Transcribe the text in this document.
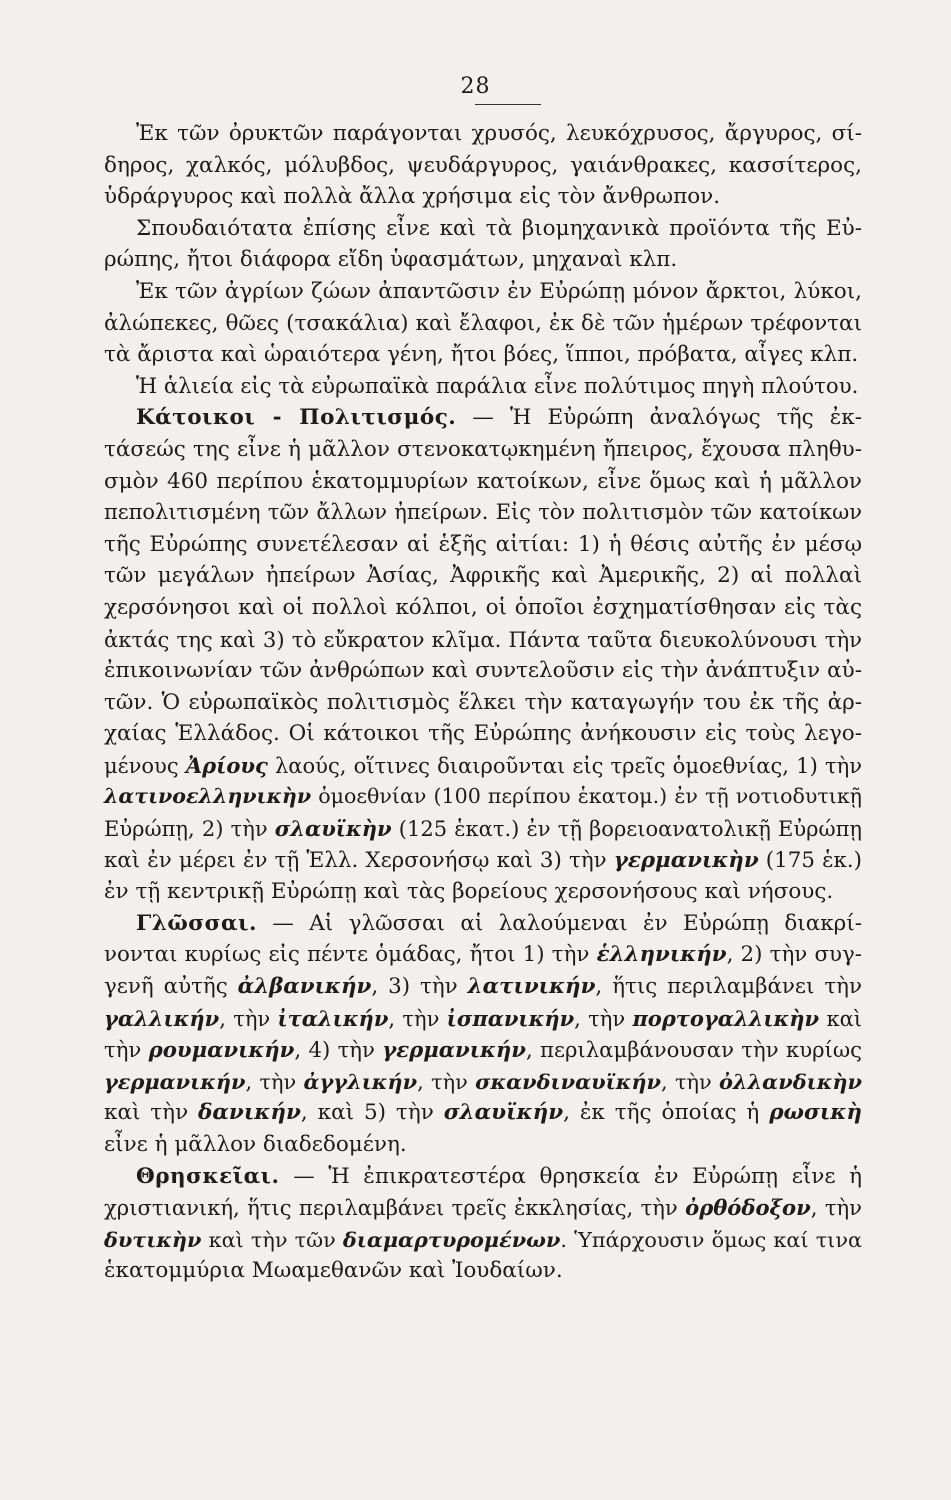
28
Ἐκ τῶν ὀρυκτῶν παράγονται χρυσός, λευκόχρυσος, ἄργυρος, σί-
δηρος, χαλκός, μόλυβδος, ψευδάργυρος, γαιάνθρακες, κασσίτερος,
ὑδράργυρος καὶ πολλὰ ἄλλα χρήσιμα εἰς τὸν ἄνθρωπον.
Σπουδαιότατα ἐπίσης εἶνε καὶ τὰ βιομηχανικὰ προϊόντα τῆς Εὐ-
ρώπης, ἤτοι διάφορα εἴδη ὑφασμάτων, μηχαναὶ κλπ.
Ἐκ τῶν ἀγρίων ζώων ἀπαντῶσιν ἐν Εὐρώπῃ μόνον ἄρκτοι, λύκοι,
ἀλώπεκες, θῶες (τσακάλια) καὶ ἔλαφοι, ἐκ δὲ τῶν ἡμέρων τρέφονται
τὰ ἄριστα καὶ ὡραιότερα γένη, ἤτοι βόες, ἵπποι, πρόβατα, αἶγες κλπ.
Ἡ ἁλιεία εἰς τὰ εὐρωπαϊκὰ παράλια εἶνε πολύτιμος πηγὴ πλούτου.
Κάτοικοι - Πολιτισμός. — Ἡ Εὐρώπη ἀναλόγως τῆς ἐκ-
τάσεώς της εἶνε ἡ μᾶλλον στενοκατῳκημένη ἤπειρος, ἔχουσα πληθυ-
σμὸν 460 περίπου ἑκατομμυρίων κατοίκων, εἶνε ὅμως καὶ ἡ μᾶλλον
πεπολιτισμένη τῶν ἄλλων ἠπείρων. Εἰς τὸν πολιτισμὸν τῶν κατοίκων
τῆς Εὐρώπης συνετέλεσαν αἱ ἑξῆς αἰτίαι: 1) ἡ θέσις αὐτῆς ἐν μέσῳ
τῶν μεγάλων ἠπείρων Ἀσίας, Ἀφρικῆς καὶ Ἀμερικῆς, 2) αἱ πολλαὶ
χερσόνησοι καὶ οἱ πολλοὶ κόλποι, οἱ ὁποῖοι ἐσχηματίσθησαν εἰς τὰς
ἀκτάς της καὶ 3) τὸ εὔκρατον κλῖμα. Πάντα ταῦτα διευκολύνουσι τὴν
ἐπικοινωνίαν τῶν ἀνθρώπων καὶ συντελοῦσιν εἰς τὴν ἀνάπτυξιν αὐ-
τῶν. Ὁ εὐρωπαϊκὸς πολιτισμὸς ἕλκει τὴν καταγωγήν του ἐκ τῆς ἀρ-
χαίας Ἑλλάδος. Οἱ κάτοικοι τῆς Εὐρώπης ἀνήκουσιν εἰς τοὺς λεγο-
μένους Ἀρίους λαούς, οἵτινες διαιροῦνται εἰς τρεῖς ὁμοεθνίας, 1) τὴν
λατινοελληνικὴν ὁμοεθνίαν (100 περίπου ἑκατομ.) ἐν τῇ νοτιοδυτικῇ
Εὐρώπῃ, 2) τὴν σλαυϊκὴν (125 ἑκατ.) ἐν τῇ βορειοανατολικῇ Εὐρώπῃ
καὶ ἐν μέρει ἐν τῇ Ἑλλ. Χερσονήσῳ καὶ 3) τὴν γερμανικὴν (175 ἑκ.)
ἐν τῇ κεντρικῇ Εὐρώπῃ καὶ τὰς βορείους χερσονήσους καὶ νήσους.
Γλῶσσαι. — Αἱ γλῶσσαι αἱ λαλούμεναι ἐν Εὐρώπῃ διακρί-
νονται κυρίως εἰς πέντε ὁμάδας, ἤτοι 1) τὴν ἑλληνικήν, 2) τὴν συγ-
γενῆ αὐτῆς ἀλβανικήν, 3) τὴν λατινικήν, ἥτις περιλαμβάνει τὴν
γαλλικήν, τὴν ἰταλικήν, τὴν ἰσπανικήν, τὴν πορτογαλλικὴν καὶ
τὴν ρουμανικήν, 4) τὴν γερμανικήν, περιλαμβάνουσαν τὴν κυρίως
γερμανικήν, τὴν ἀγγλικήν, τὴν σκανδιναυϊκήν, τὴν ὀλλανδικὴν
καὶ τὴν δανικήν, καὶ 5) τὴν σλαυϊκήν, ἐκ τῆς ὁποίας ἡ ρωσικὴ
εἶνε ἡ μᾶλλον διαδεδομένη.
Θρησκεῖαι. — Ἡ ἐπικρατεστέρα θρησκεία ἐν Εὐρώπῃ εἶνε ἡ
χριστιανική, ἥτις περιλαμβάνει τρεῖς ἐκκλησίας, τὴν ὀρθόδοξον, τὴν
δυτικὴν καὶ τὴν τῶν διαμαρτυρομένων. Ὑπάρχουσιν ὅμως καί τινα
ἑκατομμύρια Μωαμεθανῶν καὶ Ἰουδαίων.
